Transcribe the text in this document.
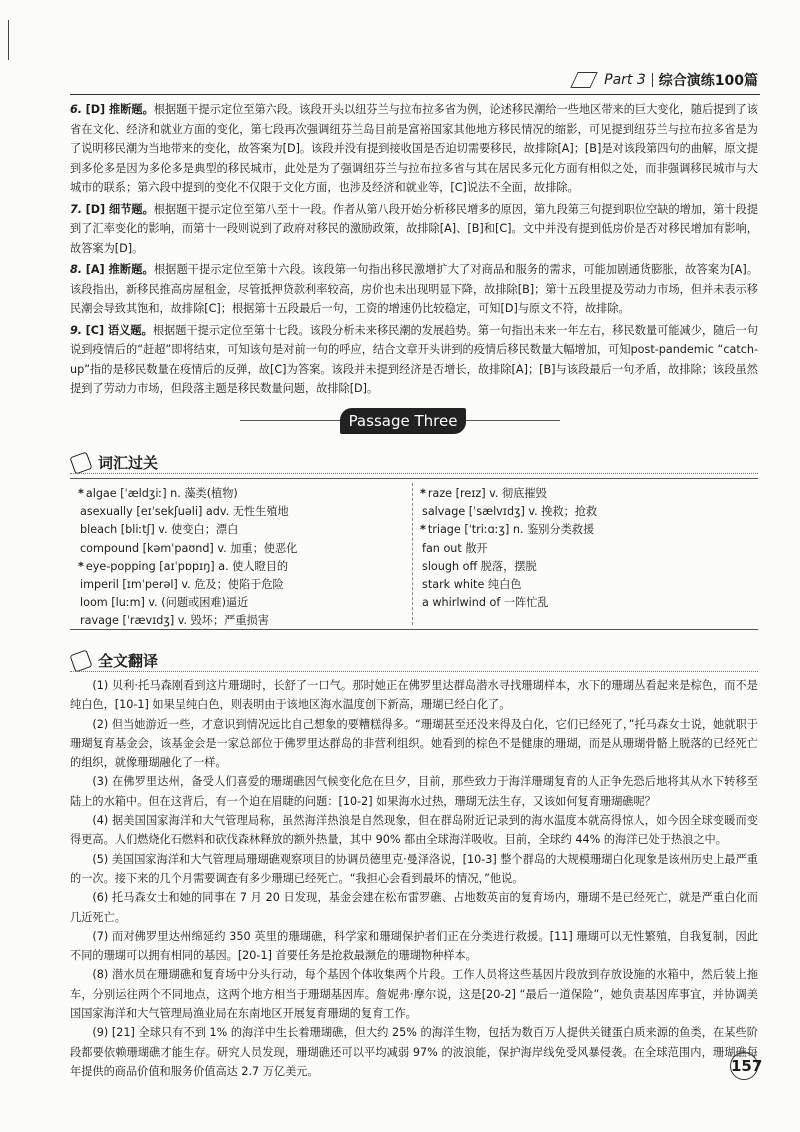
Part 3 综合演练100篇
6. [D] 推断题。根据题干提示定位至第六段。该段开头以纽芬兰与拉布拉多省为例，论述移民潮给一些地区带来的巨大变化，随后提到了该省在文化、经济和就业方面的变化，第七段再次强调纽芬兰岛目前是富裕国家其他地方移民情况的缩影，可见提到纽芬兰与拉布拉多省是为了说明移民潮为当地带来的变化，故答案为[D]。该段并没有提到接收国是否迫切需要移民，故排除[A]；[B]是对该段第四句的曲解，原文提到多伦多是因为多伦多是典型的移民城市，此处是为了强调纽芬兰与拉布拉多省与其在居民多元化方面有相似之处，而非强调移民城市与大城市的联系；第六段中提到的变化不仅限于文化方面，也涉及经济和就业等，[C]说法不全面，故排除。
7. [D] 细节题。根据题干提示定位至第八至十一段。作者从第八段开始分析移民增多的原因，第九段第三句提到职位空缺的增加，第十段提到了汇率变化的影响，而第十一段则说到了政府对移民的激励政策，故排除[A]、[B]和[C]。文中并没有提到低房价是否对移民增加有影响，故答案为[D]。
8. [A] 推断题。根据题干提示定位至第十六段。该段第一句指出移民激增扩大了对商品和服务的需求，可能加剧通货膨胀，故答案为[A]。该段指出，新移民推高房屋租金，尽管抵押贷款利率较高，房价也未出现明显下降，故排除[B]；第十五段里提及劳动力市场，但并未表示移民潮会导致其饱和，故排除[C]；根据第十五段最后一句，工资的增速仍比较稳定，可知[D]与原文不符，故排除。
9. [C] 语义题。根据题干提示定位至第十七段。该段分析未来移民潮的发展趋势。第一句指出未来一年左右，移民数量可能减少，随后一句说到疫情后的“赶超”即将结束，可知该句是对前一句的呼应，结合文章开头讲到的疫情后移民数量大幅增加，可知post-pandemic “catch-up”指的是移民数量在疫情后的反弹，故[C]为答案。该段并未提到经济是否增长，故排除[A]；[B]与该段最后一句矛盾，故排除；该段虽然提到了劳动力市场，但段落主题是移民数量问题，故排除[D]。
Passage Three
词汇过关
* algae [ˈældʒiː] n. 藻类(植物)
asexually [eɪˈsekʃuəli] adv. 无性生殖地
bleach [bliːtʃ] v. 使变白；漂白
compound [kəmˈpaʊnd] v. 加重；使恶化
* eye-popping [aɪˈpɒpɪŋ] a. 使人瞪目的
imperil [ɪmˈperəl] v. 危及；使陷于危险
loom [luːm] v. (问题或困难)逼近
ravage [ˈrævɪdʒ] v. 毁坏；严重损害
* raze [reɪz] v. 彻底摧毁
salvage [ˈsælvɪdʒ] v. 挽救；抢救
* triage [ˈtriːɑːʒ] n. 鉴别分类救援
fan out 散开
slough off 脱落，摆脱
stark white 纯白色
a whirlwind of 一阵忙乱
全文翻译

(1) 贝利·托马森刚看到这片珊瑚时，长舒了一口气。那时她正在佛罗里达群岛潜水寻找珊瑚样本，水下的珊瑚丛看起来是棕色，而不是纯白色，[10-1] 如果呈纯白色，则表明由于该地区海水温度创下新高，珊瑚已经白化了。

(2) 但当她游近一些，才意识到情况远比自己想象的要糟糕得多。“珊瑚甚至还没来得及白化，它们已经死了，”托马森女士说，她就职于珊瑚复育基金会，该基金会是一家总部位于佛罗里达群岛的非营利组织。她看到的棕色不是健康的珊瑚，而是从珊瑚骨骼上脱落的已经死亡的组织，就像珊瑚融化了一样。

(3) 在佛罗里达州，备受人们喜爱的珊瑚礁因气候变化危在旦夕，目前，那些致力于海洋珊瑚复育的人正争先恐后地将其从水下转移至陆上的水箱中。但在这背后，有一个迫在眉睫的问题：[10-2] 如果海水过热，珊瑚无法生存，又该如何复育珊瑚礁呢？

(4) 据美国国家海洋和大气管理局称，虽然海洋热浪是自然现象，但在群岛附近记录到的海水温度本就高得惊人，如今因全球变暖而变得更高。人们燃烧化石燃料和砍伐森林释放的额外热量，其中 90% 都由全球海洋吸收。目前，全球约 44% 的海洋已处于热浪之中。

(5) 美国国家海洋和大气管理局珊瑚礁观察项目的协调员德里克·曼泽洛说，[10-3] 整个群岛的大规模珊瑚白化现象是该州历史上最严重的一次。接下来的几个月需要调查有多少珊瑚已经死亡。“我担心会看到最坏的情况，”他说。

(6) 托马森女士和她的同事在 7 月 20 日发现，基金会建在松布雷罗礁、占地数英亩的复育场内，珊瑚不是已经死亡，就是严重白化而几近死亡。

(7) 而对佛罗里达州绵延约 350 英里的珊瑚礁，科学家和珊瑚保护者们正在分类进行救援。[11] 珊瑚可以无性繁殖，自我复制，因此不同的珊瑚可以拥有相同的基因。[20-1] 首要任务是抢救最濒危的珊瑚物种样本。

(8) 潜水员在珊瑚礁和复育场中分头行动，每个基因个体收集两个片段。工作人员将这些基因片段放到存放设施的水箱中，然后装上拖车，分别运往两个不同地点，这两个地方相当于珊瑚基因库。詹妮弗·摩尔说，这是[20-2] “最后一道保险”，她负责基因库事宜，并协调美国国家海洋和大气管理局渔业局在东南地区开展复育珊瑚的复育工作。

(9) [21] 全球只有不到 1% 的海洋中生长着珊瑚礁，但大约 25% 的海洋生物，包括为数百万人提供关键蛋白质来源的鱼类，在某些阶段都要依赖珊瑚礁才能生存。研究人员发现，珊瑚礁还可以平均减弱 97% 的波浪能，保护海岸线免受风暴侵袭。在全球范围内，珊瑚礁每年提供的商品价值和服务价值高达 2.7 万亿美元。	157
